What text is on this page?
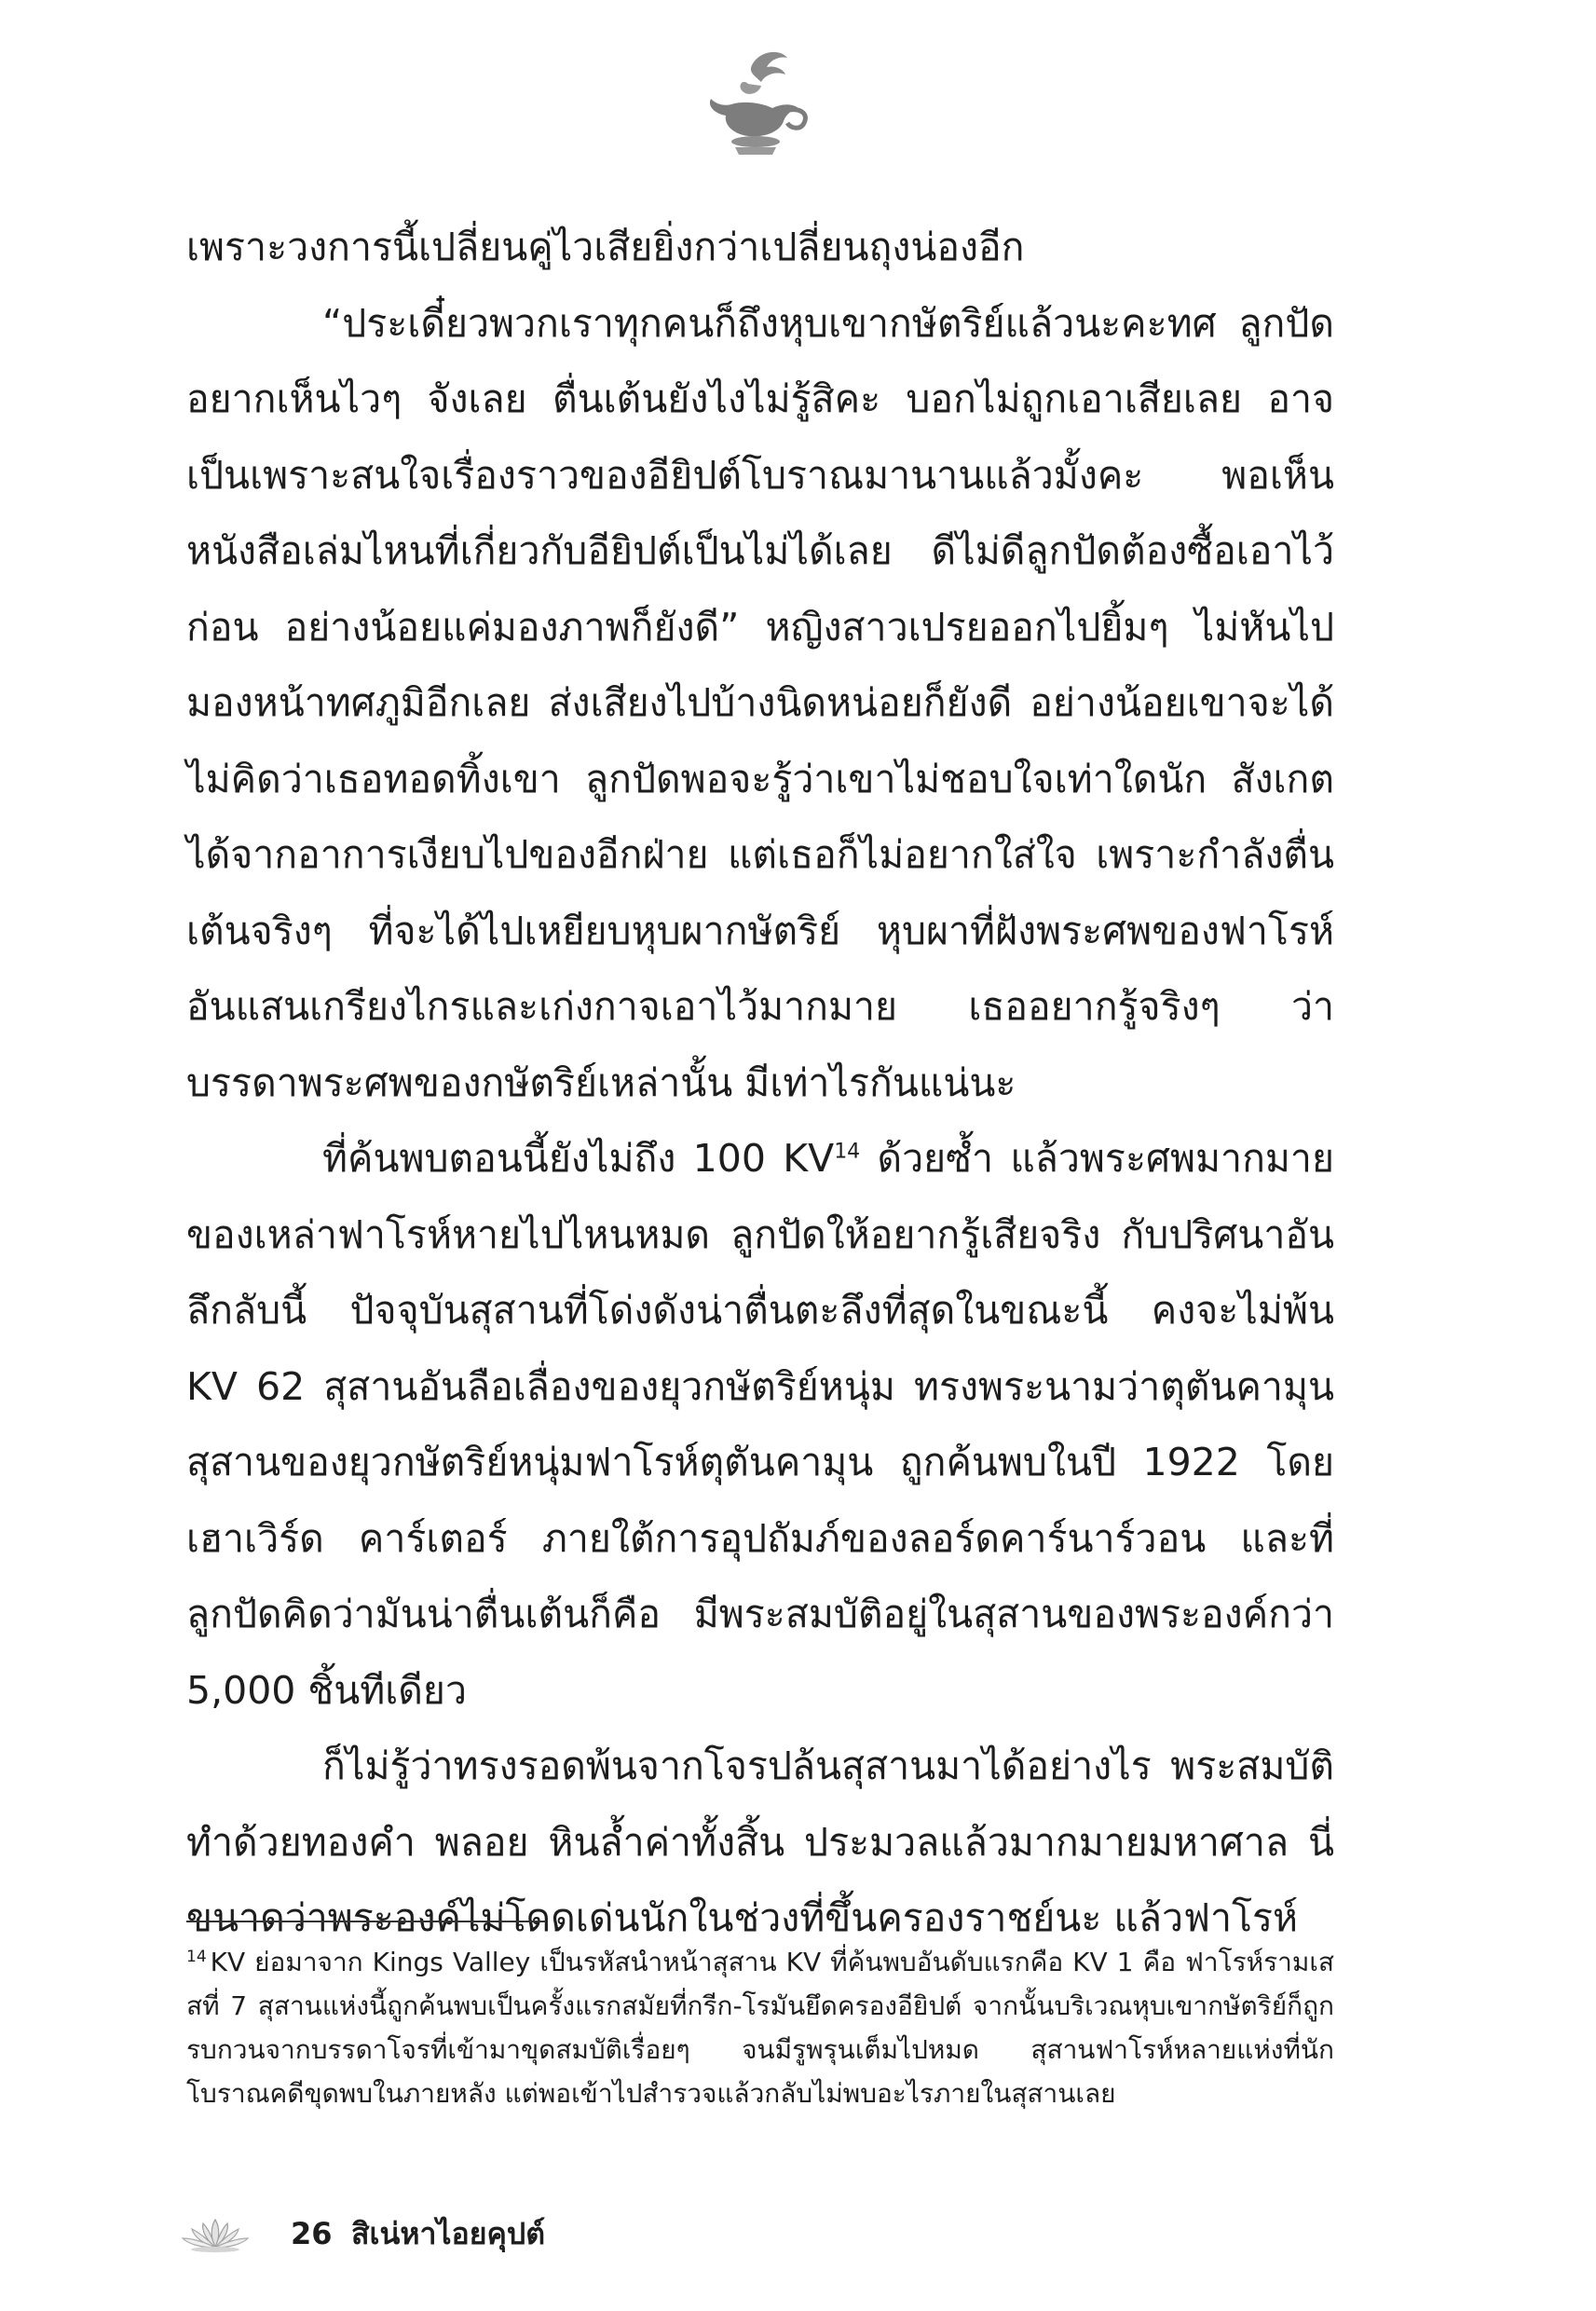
เพราะวงการนี้เปลี่ยนคู่ไวเสียยิ่งกว่าเปลี่ยนถุงน่องอีก

“ประเดี๋ยวพวกเราทุกคนก็ถึงหุบเขากษัตริย์แล้วนะคะทศ ลูกปัดอยากเห็นไวๆ จังเลย ตื่นเต้นยังไงไม่รู้สิคะ บอกไม่ถูกเอาเสียเลย อาจเป็นเพราะสนใจเรื่องราวของอียิปต์โบราณมานานแล้วมั้งคะ พอเห็นหนังสือเล่มไหนที่เกี่ยวกับอียิปต์เป็นไม่ได้เลย ดีไม่ดีลูกปัดต้องซื้อเอาไว้ก่อน อย่างน้อยแค่มองภาพก็ยังดี” หญิงสาวเปรยออกไปยิ้มๆ ไม่หันไปมองหน้าทศภูมิอีกเลย ส่งเสียงไปบ้างนิดหน่อยก็ยังดี อย่างน้อยเขาจะได้ไม่คิดว่าเธอทอดทิ้งเขา ลูกปัดพอจะรู้ว่าเขาไม่ชอบใจเท่าใดนัก สังเกตได้จากอาการเงียบไปของอีกฝ่าย แต่เธอก็ไม่อยากใส่ใจ เพราะกำลังตื่นเต้นจริงๆ ที่จะได้ไปเหยียบหุบผากษัตริย์ หุบผาที่ฝังพระศพของฟาโรห์อันแสนเกรียงไกรและเก่งกาจเอาไว้มากมาย เธออยากรู้จริงๆ ว่า บรรดาพระศพของกษัตริย์เหล่านั้น มีเท่าไรกันแน่นะ

ที่ค้นพบตอนนี้ยังไม่ถึง 100 KV$^{14}$ ด้วยซ้ำ แล้วพระศพมากมายของเหล่าฟาโรห์หายไปไหนหมด ลูกปัดให้อยากรู้เสียจริง กับปริศนาอันลึกลับนี้ ปัจจุบันสุสานที่โด่งดังน่าตื่นตะลึงที่สุดในขณะนี้ คงจะไม่พ้น KV 62 สุสานอันลือเลื่องของยุวกษัตริย์หนุ่ม ทรงพระนามว่าตุตันคามุน สุสานของยุวกษัตริย์หนุ่มฟาโรห์ตุตันคามุน ถูกค้นพบในปี 1922 โดย เฮาเวิร์ด คาร์เตอร์ ภายใต้การอุปถัมภ์ของลอร์ดคาร์นาร์วอน และที่ลูกปัดคิดว่ามันน่าตื่นเต้นก็คือ มีพระสมบัติอยู่ในสุสานของพระองค์กว่า 5,000 ชิ้นทีเดียว

ก็ไม่รู้ว่าทรงรอดพ้นจากโจรปล้นสุสานมาได้อย่างไร พระสมบัติทำด้วยทองคำ พลอย หินล้ำค่าทั้งสิ้น ประมวลแล้วมากมายมหาศาล นี่ขนาดว่าพระองค์ไม่โดดเด่นนักในช่วงที่ขึ้นครองราชย์นะ แล้วฟาโรห์

$^{14}$ KV ย่อมาจาก Kings Valley เป็นรหัสนำหน้าสุสาน KV ที่ค้นพบอันดับแรกคือ KV 1 คือ ฟาโรห์รามเสสที่ 7 สุสานแห่งนี้ถูกค้นพบเป็นครั้งแรกสมัยที่กรีก-โรมันยึดครองอียิปต์ จากนั้นบริเวณหุบเขากษัตริย์ก็ถูกรบกวนจากบรรดาโจรที่เข้ามาขุดสมบัติเรื่อยๆ จนมีรูพรุนเต็มไปหมด สุสานฟาโรห์หลายแห่งที่นักโบราณคดีขุดพบในภายหลัง แต่พอเข้าไปสำรวจแล้วกลับไม่พบอะไรภายในสุสานเลย

26 สิเน่หาไอยคุปต์
